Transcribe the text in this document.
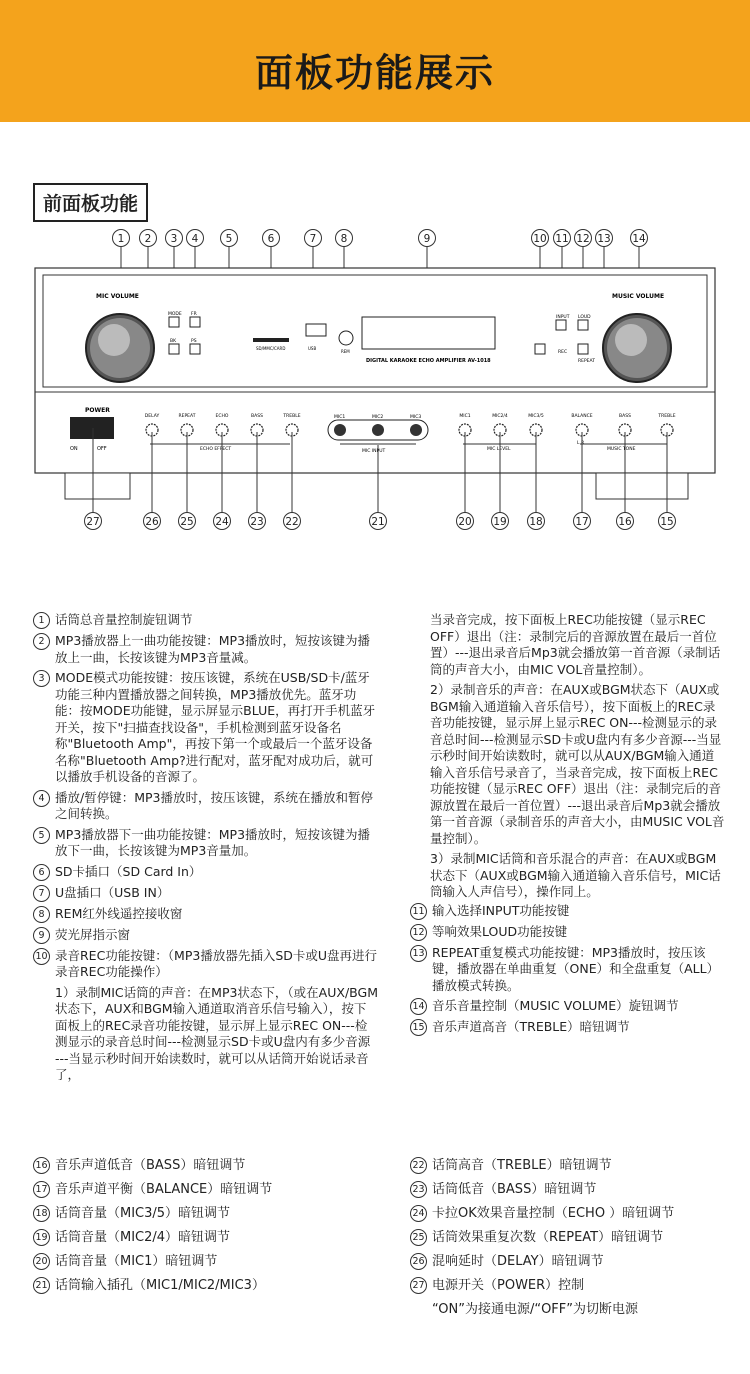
面板功能展示
前面板功能
MIC VOLUME	MUSIC VOLUME
MODE FR
BK	PS
SD/MMC/CARD	USB
REM
DIGITAL KARAOKE ECHO AMPLIFIER AV-1018
INPUT LOUD
REC
REPEAT
POWER
ON	OFF
DELAY	REPEAT	ECHO	BASS	TREBLE	MIC1	MIC2/4	MIC3/5	BALANCE	BASS	TREBLE
MIC1	MIC2	MIC3
MIC INPUT
ECHO EFFECT	MIC LEVEL	MUSIC TONE
L R
1 2 3 4	5	6	7 8	9	10 11 12 13 14
27	26 25 24 23 22	21	20 19 18	17	16	15
1 话筒总音量控制旋钮调节
2 MP3播放器上一曲功能按键：MP3播放时，短按该键为播放上一曲，长按该键为MP3音量减。
3 MODE模式功能按键：按压该键，系统在USB/SD卡/蓝牙功能三种内置播放器之间转换，MP3播放优先。蓝牙功能：按MODE功能键，显示屏显示BLUE，再打开手机蓝牙开关，按下"扫描查找设备"，手机检测到蓝牙设备名称"Bluetooth Amp"，再按下第一个或最后一个蓝牙设备名称"Bluetooth Amp?进行配对，蓝牙配对成功后，就可以播放手机设备的音源了。
4 播放/暂停键：MP3播放时，按压该键，系统在播放和暂停之间转换。
5 MP3播放器下一曲功能按键：MP3播放时，短按该键为播放下一曲，长按该键为MP3音量加。
6 SD卡插口（SD Card In）
7 U盘插口（USB IN）
8 REM红外线遥控接收窗
9 荧光屏指示窗
10 录音REC功能按键：（MP3播放器先插入SD卡或U盘再进行录音REC功能操作）
1）录制MIC话筒的声音：在MP3状态下，（或在AUX/BGM状态下，AUX和BGM输入通道取消音乐信号输入），按下面板上的REC录音功能按键，显示屏上显示REC ON---检测显示的录音总时间---检测显示SD卡或U盘内有多少音源 ---当显示秒时间开始读数时，就可以从话筒开始说话录音了，
当录音完成，按下面板上REC功能按键（显示REC OFF）退出（注：录制完后的音源放置在最后一首位置）---退出录音后Mp3就会播放第一首音源（录制话筒的声音大小，由MIC VOL音量控制）。
2）录制音乐的声音：在AUX或BGM状态下（AUX或BGM输入通道输入音乐信号），按下面板上的REC录音功能按键，显示屏上显示REC ON---检测显示的录音总时间---检测显示SD卡或U盘内有多少音源---当显示秒时间开始读数时，就可以从AUX/BGM输入通道输入音乐信号录音了，当录音完成，按下面板上REC功能按键（显示REC OFF）退出（注：录制完后的音源放置在最后一首位置）---退出录音后Mp3就会播放第一首音源（录制音乐的声音大小，由MUSIC VOL音量控制）。
3）录制MIC话筒和音乐混合的声音：在AUX或BGM状态下（AUX或BGM输入通道输入音乐信号，MIC话筒输入人声信号），操作同上。
11 输入选择INPUT功能按键
12 等响效果LOUD功能按键
13 REPEAT重复模式功能按键：MP3播放时，按压该键，播放器在单曲重复（ONE）和全盘重复（ALL）播放模式转换。
14 音乐音量控制（MUSIC VOLUME）旋钮调节
15 音乐声道高音（TREBLE）暗钮调节
16 音乐声道低音（BASS）暗钮调节
17 音乐声道平衡（BALANCE）暗钮调节
18 话筒音量（MIC3/5）暗钮调节
19 话筒音量（MIC2/4）暗钮调节
20 话筒音量（MIC1）暗钮调节
21 话筒输入插孔（MIC1/MIC2/MIC3）
22 话筒高音（TREBLE）暗钮调节
23 话筒低音（BASS）暗钮调节
24 卡拉OK效果音量控制（ECHO ）暗钮调节
25 话筒效果重复次数（REPEAT）暗钮调节
26 混响延时（DELAY）暗钮调节
27 电源开关（POWER）控制
“ON”为接通电源/“OFF”为切断电源
